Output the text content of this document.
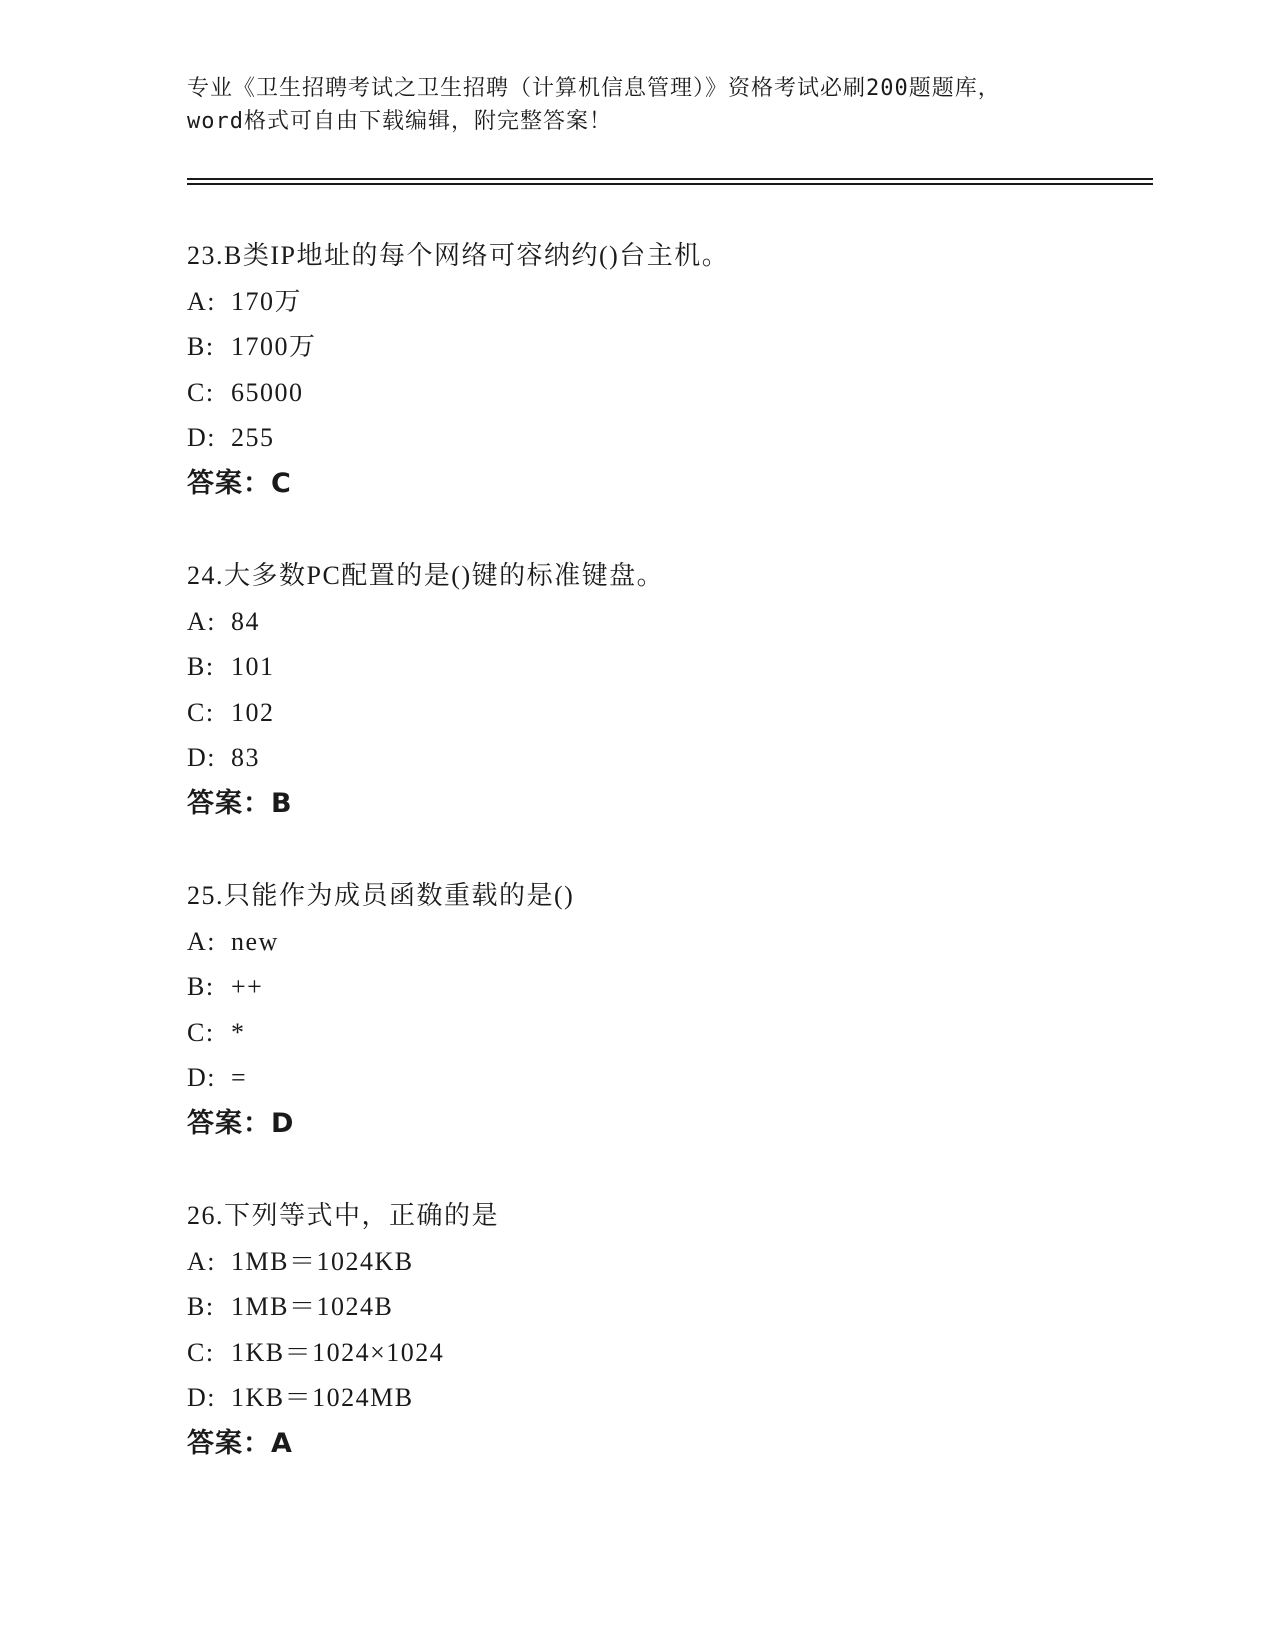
专业《卫生招聘考试之卫生招聘（计算机信息管理）》资格考试必刷200题题库，

word格式可自由下载编辑，附完整答案！

23.B类IP地址的每个网络可容纳约()台主机。
A: 170万
B: 1700万
C: 65000
D: 255
答案：C
24.大多数PC配置的是()键的标准键盘。
A: 84
B: 101
C: 102
D: 83
答案：B
25.只能作为成员函数重载的是()
A: new
B: ++
C: *
D: =
答案：D
26.下列等式中，正确的是
A: 1MB＝1024KB
B: 1MB＝1024B
C: 1KB＝1024×1024
D: 1KB＝1024MB
答案：A
